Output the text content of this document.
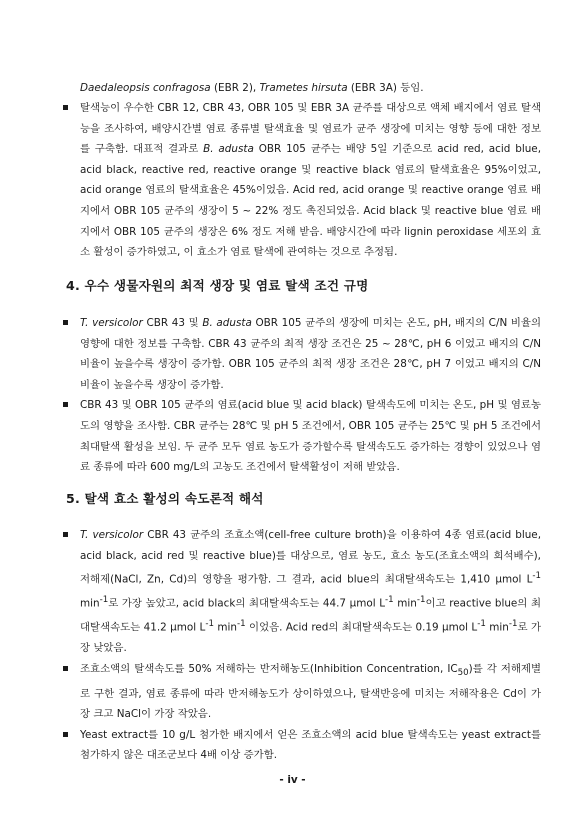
Daedaleopsis confragosa (EBR 2), Trametes hirsuta (EBR 3A) 등임.

탈색능이 우수한 CBR 12, CBR 43, OBR 105 및 EBR 3A 균주를 대상으로 액체 배지에서 염료 탈색능을 조사하여, 배양시간별 염료 종류별 탈색효율 및 염료가 균주 생장에 미치는 영향 등에 대한 정보를 구축함. 대표적 결과로 B. adusta OBR 105 균주는 배양 5일 기준으로 acid red, acid blue, acid black, reactive red, reactive orange 및 reactive black 염료의 탈색효율은 95%이었고, acid orange 염료의 탈색효율은 45%이었음. Acid red, acid orange 및 reactive orange 염료 배지에서 OBR 105 균주의 생장이 5 ~ 22% 정도 촉진되었음. Acid black 및 reactive blue 염료 배지에서 OBR 105 균주의 생장은 6% 정도 저해 받음. 배양시간에 따라 lignin peroxidase 세포외 효소 활성이 증가하였고, 이 효소가 염료 탈색에 관여하는 것으로 추정됨.
4. 우수 생물자원의 최적 생장 및 염료 탈색 조건 규명
T. versicolor CBR 43 및 B. adusta OBR 105 균주의 생장에 미치는 온도, pH, 배지의 C/N 비율의 영향에 대한 정보를 구축함. CBR 43 균주의 최적 생장 조건은 25 ~ 28℃, pH 6 이었고 배지의 C/N 비율이 높을수록 생장이 증가함. OBR 105 균주의 최적 생장 조건은 28℃, pH 7 이었고 배지의 C/N 비율이 높을수록 생장이 증가함.
CBR 43 및 OBR 105 균주의 염료(acid blue 및 acid black) 탈색속도에 미치는 온도, pH 및 염료농도의 영향을 조사함. CBR 균주는 28℃ 및 pH 5 조건에서, OBR 105 균주는 25℃ 및 pH 5 조건에서 최대탈색 활성을 보임. 두 균주 모두 염료 농도가 증가할수록 탈색속도도 증가하는 경향이 있었으나 염료 종류에 따라 600 mg/L의 고농도 조건에서 탈색활성이 저해 받았음.
5. 탈색 효소 활성의 속도론적 해석
T. versicolor CBR 43 균주의 조효소액(cell-free culture broth)을 이용하여 4종 염료(acid blue, acid black, acid red 및 reactive blue)를 대상으로, 염료 농도, 효소 농도(조효소액의 희석배수), 저해제(NaCl, Zn, Cd)의 영향을 평가함. 그 결과, acid blue의 최대탈색속도는 1,410 μmol $L^{-1}$ $\min^{-1}$로 가장 높았고, acid black의 최대탈색속도는 44.7 μmol $L^{-1}$ $\min^{-1}$이고 reactive blue의 최대탈색속도는 41.2 μmol $L^{-1}$ $\min^{-1}$ 이었음. Acid red의 최대탈색속도는 0.19 μmol $L^{-1}$ $\min^{-1}$로 가장 낮았음.
조효소액의 탈색속도를 50% 저해하는 반저해농도(Inhibition Concentration, $IC_{50}$)를 각 저해제별로 구한 결과, 염료 종류에 따라 반저해농도가 상이하였으나, 탈색반응에 미치는 저해작용은 Cd이 가장 크고 NaCl이 가장 작았음.
Yeast extract를 10 g/L 첨가한 배지에서 얻은 조효소액의 acid blue 탈색속도는 yeast extract를 첨가하지 않은 대조군보다 4배 이상 증가함.
- iv -
